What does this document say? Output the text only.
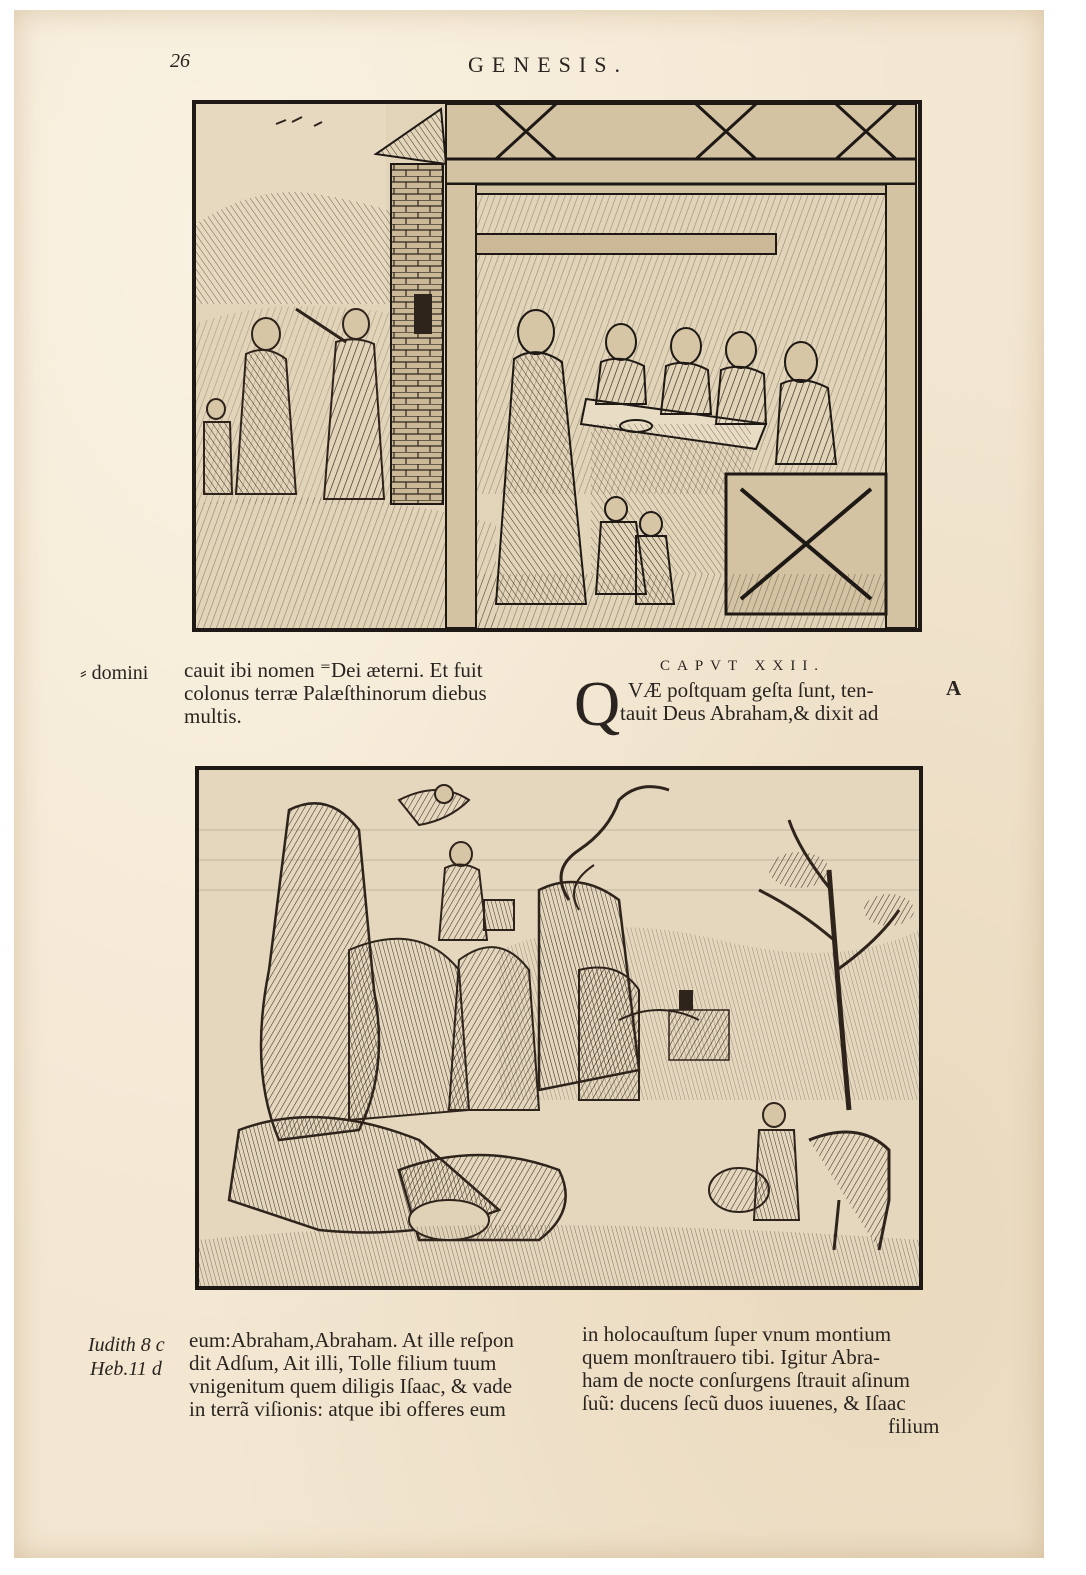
26	GENESIS.
⸗ domini cauit ibi nomen ⁼Dei æterni. Et fuit
colonus terræ Palæſthinorum diebus
multis.
CAPVT XXII.
Q VÆ poſtquam geſta ſunt, ten-
tauit Deus Abraham,& dixit ad
A
Iudith 8 c
Heb.11 d
eum:Abraham,Abraham. At ille reſpon
dit Adſum, Ait illi, Tolle filium tuum
vnigenitum quem diligis Iſaac, & vade
in terrã viſionis: atque ibi offeres eum
in holocauſtum ſuper vnum montium
quem monſtrauero tibi. Igitur Abra-
ham de nocte conſurgens ſtrauit aſinum
ſuũ: ducens ſecũ duos iuuenes, & Iſaac
filium
